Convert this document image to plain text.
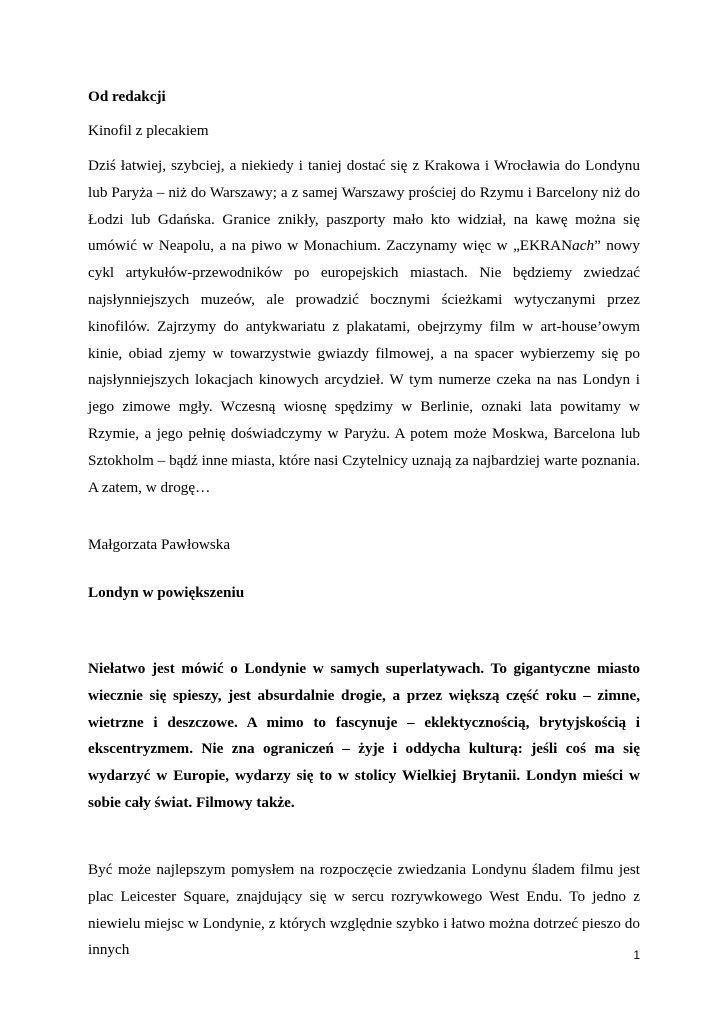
Od redakcji

Kinofil z plecakiem

Dziś łatwiej, szybciej, a niekiedy i taniej dostać się z Krakowa i Wrocławia do Londynu lub Paryża – niż do Warszawy; a z samej Warszawy prościej do Rzymu i Barcelony niż do Łodzi lub Gdańska. Granice znikły, paszporty mało kto widział, na kawę można się umówić w Neapolu, a na piwo w Monachium. Zaczynamy więc w „EKRANach” nowy cykl artykułów-przewodników po europejskich miastach. Nie będziemy zwiedzać najsłynniejszych muzeów, ale prowadzić bocznymi ścieżkami wytyczanymi przez kinofilów. Zajrzymy do antykwariatu z plakatami, obejrzymy film w art-house’owym kinie, obiad zjemy w towarzystwie gwiazdy filmowej, a na spacer wybierzemy się po najsłynniejszych lokacjach kinowych arcydzieł. W tym numerze czeka na nas Londyn i jego zimowe mgły. Wczesną wiosnę spędzimy w Berlinie, oznaki lata powitamy w Rzymie, a jego pełnię doświadczymy w Paryżu. A potem może Moskwa, Barcelona lub Sztokholm – bądź inne miasta, które nasi Czytelnicy uznają za najbardziej warte poznania. A zatem, w drogę…

Małgorzata Pawłowska

Londyn w powiększeniu

Niełatwo jest mówić o Londynie w samych superlatywach. To gigantyczne miasto wiecznie się spieszy, jest absurdalnie drogie, a przez większą część roku – zimne, wietrzne i deszczowe. A mimo to fascynuje – eklektycznością, brytyjskością i ekscentryzmem. Nie zna ograniczeń – żyje i oddycha kulturą: jeśli coś ma się wydarzyć w Europie, wydarzy się to w stolicy Wielkiej Brytanii. Londyn mieści w sobie cały świat. Filmowy także.

Być może najlepszym pomysłem na rozpoczęcie zwiedzania Londynu śladem filmu jest plac Leicester Square, znajdujący się w sercu rozrywkowego West Endu. To jedno z niewielu miejsc w Londynie, z których względnie szybko i łatwo można dotrzeć pieszo do innych	1
